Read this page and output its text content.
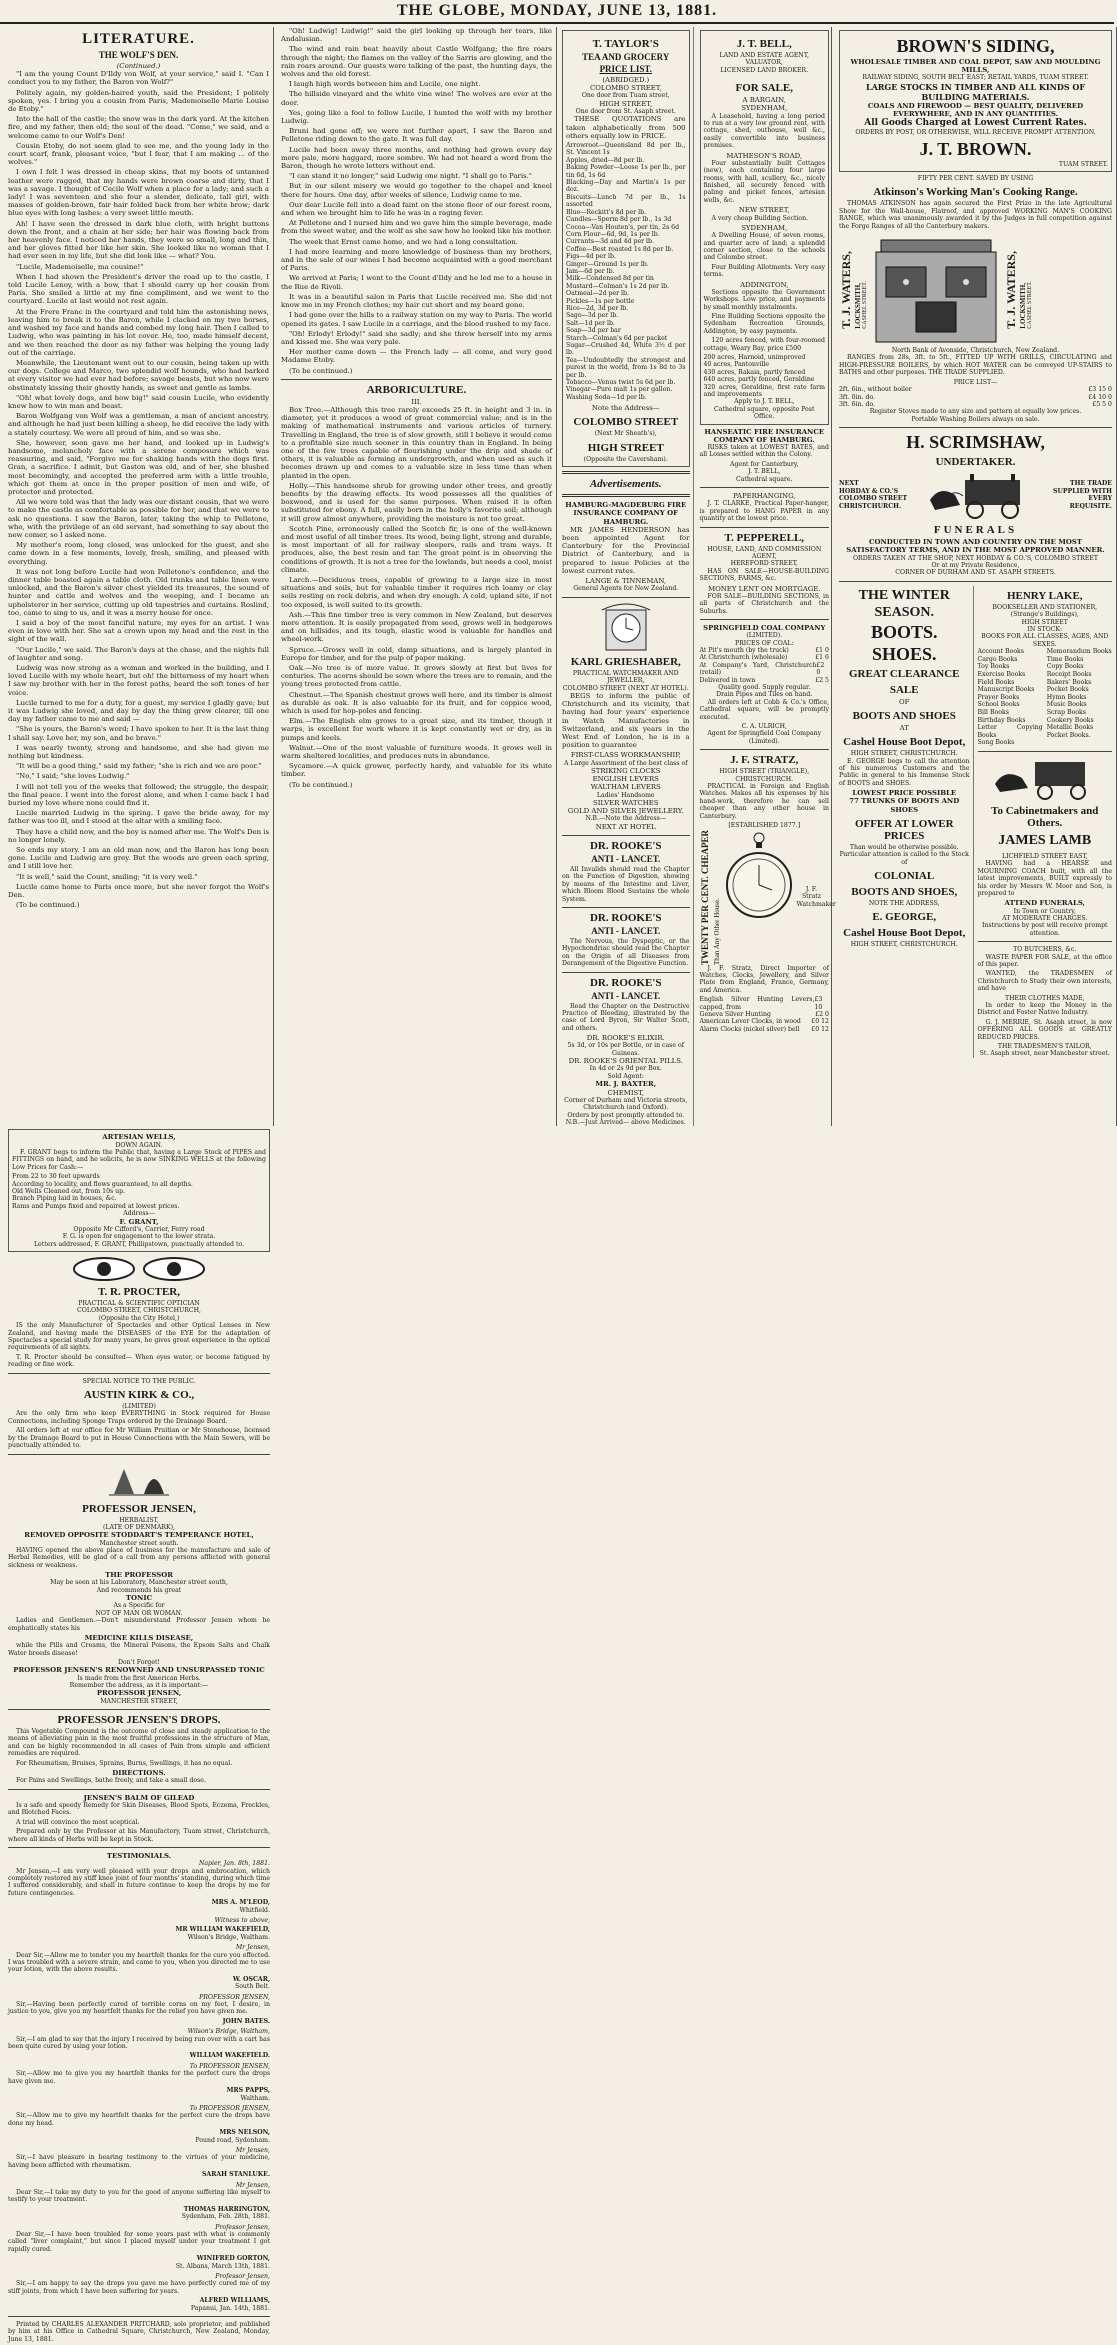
THE GLOBE, MONDAY, JUNE 13, 1881.
LITERATURE.
THE WOLF'S DEN.
(Continued.)

"I am the young Count D'Ildy von Wolf, at your service," said I. "Can I conduct you to my father, the Baron von Wolf?"

Politely again, my golden-haired youth, said the President; I politely spoken, yes. I bring you a cousin from Paris, Mademoiselle Marie Louise de Etoby."

Into the hall of the castle; the snow was in the dark yard. At the kitchen fire, and my father, then old; the soul of the dead. "Come," we said, and a welcome came to our Wolf's Den!

Cousin Etoby, do not seem glad to see me, and the young lady in the court scarf, frank, pleasant voice, "but I fear, that I am making ... of the wolves."

I own I felt I was dressed in cheap skins, that my boots of untanned leather were ragged, that my hands were brown coarse and dirty, that I was a savage. I thought of Cecile Wolf when a place for a lady; and such a lady! I was seventeen and she four a slender, delicate, tall girl, with masses of golden-brown, fair hair folded back from her white brow; dark blue eyes with long lashes: a very sweet little mouth.

Ah! I have seen the dressed in dark blue cloth, with bright buttons down the front, and a chain at her side; her hair was flowing back from her heavenly face. I noticed her hands, they were so small, long and thin, and her gloves fitted her like her skin. She looked like no woman that I had ever seen in my life, but she did look like — what? You.

"Lucile, Mademoiselle, ma cousine!"

When I had shown the President's driver the road up to the castle, I told Lucile Lenoy, with a bow, that I should carry up her cousin from Paris. She smiled a little at my fine compliment, and we went to the courtyard. Lucile at last would not rest again.

At the Frere Franc in the courtyard and told him the astonishing news, leaving him to break it to the Baron, while I clacked on my two horses, and washed my face and hands and combed my long hair. Then I called to Ludwig, who was painting in his lot cover. He, too, made himself decent, and we then reached the door as my father was helping the young lady out of the carriage.

Meanwhile, the Lieutenant went out to our cousin, being taken up with our dogs. College and Marco, two splendid wolf hounds, who had barked at every visitor we had ever had before; savage beasts, but who now were obstinately kissing their ghostly hands, as sweet and gentle as lambs.

"Oh! what lovely dogs, and how big!" said cousin Lucile, who evidently knew how to win man and beast.

Baron Wolfgang von Wolf was a gentleman, a man of ancient ancestry, and although he had just been killing a sheep, he did receive the lady with a stately courtesy. We were all proud of him, and so was she.

She, however, soon gave me her hand, and looked up in Ludwig's handsome, melancholy face with a serene composure which was reassuring, and said, "Forgive me for shaking hands with the dogs first. Gran, a sacrifice. I admit, but Gaston was old, and of her, she blushed most becomingly, and accepted the preferred arm with a little trouble, which got them at once in the proper position of men and wife, of protector and protected.

All we were told was that the lady was our distant cousin, that we were to make the castle as comfortable as possible for her, and that we were to ask no questions. I saw the Baron, later, taking the whip to Pelletone, who, with the privilege of an old servant, had something to say about the new comer, so I asked none.

My mother's room, long closed, was unlocked for the guest, and she came down in a few moments, lovely, fresh, smiling, and pleased with everything.

It was not long before Lucile had won Pelletone's confidence, and the dinner table boasted again a table cloth. Old trunks and table linen were unlocked, and the Baron's silver chest yielded its treasures, the sound of hunter and cattle and wolves and the weeping, and I became an upholsterer in her service, cutting up old tapestries and curtains. Roslind, too, came to sing to us, and it was a merry house for once.

I said a boy of the most fanciful nature, my eyes for an artist. I was even in love with her. She sat a crown upon my head and the rest in the sight of the wall.

"Our Lucile," we said. The Baron's days at the chase, and the nights full of laughter and song.

Ludwig was now strong as a woman and worked in the building, and I loved Lucile with my whole heart, but oh! the bitterness of my heart when I saw my brother with her in the forest paths, heard the soft tones of her voice.

Lucile turned to me for a duty, for a guest, my service I gladly gave; but it was Ludwig she loved, and day by day the thing grew clearer, till one day my father came to me and said —

"She is yours, the Baron's word; I have spoken to her. It is the last thing I shall say. Love her, my son, and be brave."

I was nearly twenty, strong and handsome, and she had given me nothing but kindness.

"It will be a good thing," said my father; "she is rich and we are poor."

"No," I said; "she loves Ludwig."

I will not tell you of the weeks that followed; the struggle, the despair, the final peace. I went into the forest alone, and when I came back I had buried my love where none could find it.

Lucile married Ludwig in the spring. I gave the bride away, for my father was too ill, and I stood at the altar with a smiling face.

They have a child now, and the boy is named after me. The Wolf's Den is no longer lonely.

So ends my story. I am an old man now, and the Baron has long been gone. Lucile and Ludwig are grey. But the woods are green each spring, and I still love her.

"It is well," said the Count, smiling; "it is very well."

Lucile came home to Paris once more, but she never forgot the Wolf's Den.

(To be continued.)

"Oh! Ludwig! Ludwig!" said the girl looking up through her tears, like Andalusian.

The wind and rain beat heavily about Castle Wolfgang; the fire roars through the night; the flames on the valley of the Sarris are glowing, and the rain roars around. Our guests were talking of the past, the hunting days, the wolves and the old forest.

I laugh high words between him and Lucile, one night.

The hillside vineyard and the white vine wine! The wolves are ever at the door.

Yes, going like a fool to follow Lucile, I hunted the wolf with my brother Ludwig.

Bruni had gone off; we were not further apart, I saw the Baron and Pelletone riding down to the gate. It was full day.

Lucile had been away three months, and nothing had grown every day more pale, more haggard, more sombre. We had not heard a word from the Baron, though he wrote letters without end.

"I can stand it no longer," said Ludwig one night. "I shall go to Paris."

But in our silent misery we would go together to the chapel and kneel there for hours. One day, after weeks of silence, Ludwig came to me.

Our dear Lucile fell into a dead faint on the stone floor of our forest room, and when we brought him to life he was in a raging fever.

At Pelletone and I nursed him and we gave him the simple beverage, made from the sweet water, and the wolf as she saw how he looked like his mother.

The week that Ernst came home, and we had a long consultation.

I had more learning and more knowledge of business than my brothers, and in the sale of our wines I had become acquainted with a good merchant of Paris.

We arrived at Paris; I went to the Count d'Ildy and he led me to a house in the Rue de Rivoli.

It was in a beautiful salon in Paris that Lucile received me. She did not know me in my French clothes; my hair cut short and my beard gone.

I had gone over the hills to a railway station on my way to Paris. The world opened its gates. I saw Lucile in a carriage, and the blood rushed to my face.

"Oh! Erlody! Erlody!" said she sadly; and she threw herself into my arms and kissed me. She was very pale.

Her mother came down — the French lady — all come, and very good Madame Etoby.

(To be continued.)

ARBORICULTURE.
III.

Box Tree.—Although this tree rarely exceeds 25 ft. in height and 3 in. in diameter, yet it produces a wood of great commercial value; and is in the making of mathematical instruments and various articles of turnery. Travelling in England, the tree is of slow growth, still I believe it would come to a profitable size much sooner in this country than in England. In being one of the few trees capable of flourishing under the drip and shade of others, it is valuable as forming an undergrowth, and when used as such it becomes drawn up and comes to a valuable size in less time than when planted in the open.

Holly.—This handsome shrub for growing under other trees, and greatly benefits by the drawing effects. Its wood possesses all the qualities of boxwood, and is used for the same purposes. When raised it is often substituted for ebony. A full, easily born in the holly's favorite soil; although it will grow almost anywhere, providing the moisture is not too great.

Scotch Pine, erroneously called the Scotch fir, is one of the well-known and most useful of all timber trees. Its wood, being light, strong and durable, is most important of all for railway sleepers, rails and tram ways. It produces, also, the best resin and tar. The great point is in observing the conditions of growth. It is not a tree for the lowlands, but needs a cool, moist climate.

Larch.—Deciduous trees, capable of growing to a large size in most situations and soils, but for valuable timber it requires rich loamy or clay soils resting on rock debris, and when dry enough. A cold, upland site, if not too exposed, is well suited to its growth.

Ash.—This fine timber tree is very common in New Zealand, but deserves more attention. It is easily propagated from seed, grows well in hedgerows and on hillsides, and its tough, elastic wood is valuable for handles and wheel-work.

Spruce.—Grows well in cold, damp situations, and is largely planted in Europe for timber, and for the pulp of paper making.

Oak.—No tree is of more value. It grows slowly at first but lives for centuries. The acorns should be sown where the trees are to remain, and the young trees protected from cattle.

Chestnut.—The Spanish chestnut grows well here, and its timber is almost as durable as oak. It is also valuable for its fruit, and for coppice wood, which is used for hop-poles and fencing.

Elm.—The English elm grows to a great size, and its timber, though it warps, is excellent for work where it is kept constantly wet or dry, as in pumps and keels.

Walnut.—One of the most valuable of furniture woods. It grows well in warm sheltered localities, and produces nuts in abundance.

Sycamore.—A quick grower, perfectly hardy, and valuable for its white timber.

(To be continued.)

T. TAYLOR'S
TEA AND GROCERY
PRICE LIST.
(ABRIDGED.)
COLOMBO STREET,
One door from Tuam street,
HIGH STREET,
One door from St. Asaph street.

THESE QUOTATIONS are taken alphabetically from 500 others equally low in PRICE.

Arrowroot—Queensland 8d per lb., St. Vincent 1s
Apples, dried—8d per lb.
Baking Powder—Loose 1s per lb., per tin 6d, 1s 6d
Blacking—Day and Martin's 1s per doz.
Biscuits—Lunch 7d per lb., 1s assorted
Blue—Reckitt's 8d per lb.
Candles—Sperm 8d per lb., 1s 3d
Cocoa—Van Houten's, per tin, 2s 6d
Corn Flour—6d, 9d, 1s per lb.
Currants—3d and 4d per lb.
Coffee—Best roasted 1s 8d per lb.
Figs—4d per lb.
Ginger—Ground 1s per lb.
Jam—6d per lb.
Milk—Condensed 8d per tin
Mustard—Colman's 1s 2d per lb.
Oatmeal—2d per lb.
Pickles—1s per bottle
Rice—2d, 3d per lb.
Sago—3d per lb.
Salt—1d per lb.
Soap—3d per bar
Starch—Colman's 6d per packet
Sugar—Crushed 4d, White 3½ d per lb.
Tea—Undoubtedly the strongest and purest in the world, from 1s 8d to 3s per lb.
Tobacco—Venus twist 5s 6d per lb.
Vinegar—Pure malt 1s per gallon.
Washing Soda—1d per lb.
Note the Address—
COLOMBO STREET
(Next Mr Sheath's),
HIGH STREET
(Opposite the Caversham).
Advertisements.
HAMBURG-MAGDEBURG FIRE INSURANCE COMPANY OF HAMBURG.

MR JAMES HENDERSON has been appointed Agent for Canterbury for the Provincial District of Canterbury, and is prepared to issue Policies at the lowest current rates.

LANGE & TINNEMAN,
General Agents for New Zealand.
KARL GRIESHABER,
PRACTICAL WATCHMAKER AND JEWELLER,
COLOMBO STREET (NEXT AT HOTEL).

BEGS to inform the public of Christchurch and its vicinity, that having had four years' experience in Watch Manufactories in Switzerland, and six years in the West End of London, he is in a position to guarantee

FIRST-CLASS WORKMANSHIP,
A Large Assortment of the best class of
STRIKING CLOCKS
ENGLISH LEVERS
WALTHAM LEVERS
Ladies' Handsome
SILVER WATCHES
GOLD AND SILVER JEWELLERY.
N.B.—Note the Address—
NEXT AT HOTEL
DR. ROOKE'S
ANTI - LANCET.

All Invalids should read the Chapter on the Function of Digestion, showing by means of the Intestine and Liver, which Bloom Blood Sustains the whole System.

DR. ROOKE'S
ANTI - LANCET.

The Nervous, the Dyspeptic, or the Hypochondriac should read the Chapter on the Origin of all Diseases from Derangement of the Digestive Function.

DR. ROOKE'S
ANTI - LANCET.

Read the Chapter on the Destructive Practice of Bleeding, illustrated by the case of Lord Byron, Sir Walter Scott, and others.

DR. ROOKE'S ELIXIR.
5s 3d, or 10s per Bottle, or in case of Guineas.
DR. ROOKE'S ORIENTAL PILLS.
In 4d or 2s 9d per Box.
Sold Agent:
MR. J. BAXTER,
CHEMIST,
Corner of Durham and Victoria streets, Christchurch (and Oxford).
Orders by post promptly attended to.
N.B.—Just Arrived— above Medicines.
J. T. BELL,
LAND AND ESTATE AGENT,
VALUATOR,
LICENSED LAND BROKER.
FOR SALE,
A BARGAIN,
SYDENHAM,

A Leasehold, having a long period to run at a very low ground rent, with cottage, shed, outhouse, well &c., easily convertible into business premises.

MATHESON'S ROAD,

Four substantially built Cottages (new), each containing four large rooms, with hall, scullery, &c., nicely finished, all securely fenced with paling and picket fences, artesian wells, &c.

NEW STREET,

A very cheap Building Section.

SYDENHAM,

A Dwelling House, of seven rooms, and quarter acre of land; a splendid corner section, close to the schools and Colombo street.

Four Building Allotments. Very easy terms.

ADDINGTON,

Sections opposite the Government Workshops. Low price, and payments by small monthly instalments.

Fine Building Sections opposite the Sydenham Recreation Grounds, Addington, by easy payments.

120 acres fenced, with four-roomed cottage, Weary Bay, price £500

200 acres, Harnoid, unimproved
40 acres, Pantonville
430 acres, Rakaia, partly fenced
640 acres, partly fenced, Geraldine
320 acres, Geraldine, first rate farm and improvements
Apply to J. T. BELL,
Cathedral square, opposite Post Office.
HANSEATIC FIRE INSURANCE COMPANY OF HAMBURG.

RISKS taken at LOWEST RATES, and all Losses settled within the Colony.

Agent for Canterbury,
J. T. BELL,
Cathedral square.
PAPERHANGING,

J. T. CLARKE, Practical Paper-hanger, is prepared to HANG PAPER in any quantity at the lowest price.

T. PEPPERELL,
HOUSE, LAND, AND COMMISSION AGENT,
HEREFORD STREET,

HAS ON SALE—HOUSE-BUILDING SECTIONS, FARMS, &c.

MONEY LENT ON MORTGAGE.

FOR SALE—BUILDING SECTIONS, in all parts of Christchurch and the Suburbs.

SPRINGFIELD COAL COMPANY
(LIMITED).
PRICES OF COAL:
At Pit's mouth (by the truck)	£1 0
At Christchurch (wholesale)	£1 6
At Company's Yard, Christchurch (retail)
£2 0
Delivered in town	£2 5
Quality good. Supply regular.
Drain Pipes and Tiles on hand.

All orders left at Cobb & Co.'s Office, Cathedral square, will be promptly executed.

C. A. ULRICH,
Agent for Springfield Coal Company (Limited).
J. F. STRATZ,
HIGH STREET (TRIANGLE), CHRISTCHURCH.

PRACTICAL in Foreign and English Watches. Makes all his expenses by his hand-work, therefore he can sell cheaper than any other house in Canterbury.

[ESTABLISHED 1877.]
TWENTY PER CENT. CHEAPER Than Any Other House.
J. F. Stratz Watchmaker

J. F. Stratz, Direct Importer of Watches, Clocks, Jewellery, and Silver Plate from England, France, Germany, and America.

English Silver Hunting Levers, capped, from
£3 10
Geneva Silver Hunting	£2 0
American Lever Clocks, in wood £0 12
Alarm Clocks (nickel silver) bell £0 12
BROWN'S SIDING,
WHOLESALE TIMBER AND COAL DEPOT, SAW AND MOULDING MILLS,
RAILWAY SIDING, SOUTH BELT EAST; RETAIL YARDS, TUAM STREET.
LARGE STOCKS IN TIMBER AND ALL KINDS OF BUILDING MATERIALS.
COALS AND FIREWOOD — BEST QUALITY, DELIVERED EVERYWHERE, AND IN ANY QUANTITIES.
All Goods Charged at Lowest Current Rates.
ORDERS BY POST, OR OTHERWISE, WILL RECEIVE PROMPT ATTENTION.
J. T. BROWN.
TUAM STREET.
FIFTY PER CENT. SAVED BY USING
Atkinson's Working Man's Cooking Range.

THOMAS ATKINSON has again secured the First Prize in the late Agricultural Show for the Wall-house, Flatroof, and approved WORKING MAN'S COOKING RANGE, which was unanimously awarded it by the Judges in full competition against the Forge Ranges of all the Canterbury makers.

T. J. WATERS, LOCKSMITH, CASHEL STREET.	T. J. WATERS, LOCKSMITH, CASHEL STREET.
North Bank of Avonside, Christchurch, New Zealand.

RANGES from 28s, 3ft. to 5ft., FITTED UP WITH GRILLS, CIRCULATING and HIGH-PRESSURE BOILERS, by which HOT WATER can be conveyed UP-STAIRS to BATHS and other purposes. THE TRADE SUPPLIED.

PRICE LIST—
2ft. 6in., without boiler	£3 15 0
3ft. 0in. do.	£4 10 0
3ft. 6in. do.	£5 5 0
Register Stoves made to any size and pattern at equally low prices.
Portable Washing Boilers always on sale.
H. SCRIMSHAW,
UNDERTAKER.
NEXT
HOBDAY & CO.'S
COLOMBO STREET
CHRISTCHURCH.
THE TRADE
SUPPLIED WITH
EVERY
REQUISITE.
FUNERALS
CONDUCTED IN TOWN AND COUNTRY ON THE MOST SATISFACTORY TERMS, AND IN THE MOST APPROVED MANNER.
ORDERS TAKEN AT THE SHOP, NEXT HOBDAY & CO.'S, COLOMBO STREET
Or at my Private Residence,
CORNER OF DURHAM AND ST. ASAPH STREETS.
THE WINTER
SEASON.
BOOTS.
SHOES.
GREAT CLEARANCE
SALE
OF
BOOTS AND SHOES
AT
Cashel House Boot Depot,
HIGH STREET, CHRISTCHURCH.

E. GEORGE begs to call the attention of his numerous Customers and the Public in general to his Immense Stock of BOOTS and SHOES.

LOWEST PRICE POSSIBLE
77 TRUNKS OF BOOTS AND SHOES
OFFER AT LOWER PRICES
Than would be otherwise possible.
Particular attention is called to the Stock of
COLONIAL
BOOTS AND SHOES,
NOTE THE ADDRESS,
E. GEORGE,
Cashel House Boot Depot,
HIGH STREET, CHRISTCHURCH.
HENRY LAKE,
BOOKSELLER AND STATIONER,
(Strange's Buildings),
HIGH STREET
IN STOCK:
BOOKS FOR ALL CLASSES, AGES, AND SEXES.
Account Books
Cargo Books
Toy Books
Exercise Books
Field Books
Manuscript Books
Prayer Books
School Books
Bill Books
Birthday Books
Letter Copying Books
Song Books
Memorandum Books
Time Books
Copy Books
Receipt Books
Bakers' Books
Pocket Books
Hymn Books
Music Books
Scrap Books
Cookery Books
Metallic Books
Pocket Books.
To Cabinetmakers and Others.
JAMES LAMB
LICHFIELD STREET EAST,

HAVING had a HEARSE and MOURNING COACH built, with all the latest improvements, BUILT expressly to his order by Messrs W. Moor and Son, is prepared to

ATTEND FUNERALS,
In Town or Country,
AT MODERATE CHARGES.
Instructions by post will receive prompt attention.
TO BUTCHERS, &c.

WASTE PAPER FOR SALE, at the office of this paper.

WANTED, the TRADESMEN of Christchurch to Study their own interests, and have

THEIR CLOTHES MADE,

In order to keep the Money in the District and Foster Native Industry.

G. J. MERRIE, St. Asaph street, is now OFFERING ALL GOODS at GREATLY REDUCED PRICES.

THE TRADESMEN'S TAILOR,
St. Asaph street, near Manchester street.
ARTESIAN WELLS,
DOWN AGAIN.

F. GRANT begs to inform the Public that, having a Large Stock of PIPES and FITTINGS on hand, and he solicits, he is now SINKING WELLS at the following Low Prices for Cash:—

From 22 to 30 feet upwards
According to locality, and flows guaranteed, to all depths.
Old Wells Cleaned out, from 10s up.
Branch Piping laid in houses, &c.
Rams and Pumps fixed and repaired at lowest prices.
Address—
F. GRANT,
Opposite Mr Cifford's, Carrier, Ferry road
F. G. is open for engagement to the lower strata.
Letters addressed, F. GRANT, Phillipstown, punctually attended to.
T. R. PROCTER,
PRACTICAL & SCIENTIFIC OPTICIAN
COLOMBO STREET, CHRISTCHURCH,
(Opposite the City Hotel,)

IS the only Manufacturer of Spectacles and other Optical Lenses in New Zealand, and having made the DISEASES of the EYE for the adaptation of Spectacles a special study for many years, he gives great experience in the optical requirements of all sights.

T. R. Procter should be consulted— When eyes water, or become fatigued by reading or fine work.

SPECIAL NOTICE TO THE PUBLIC.
AUSTIN KIRK & CO.,
(LIMITED)

Are the only firm who keep EVERYTHING in Stock required for House Connections, including Sponge Traps ordered by the Drainage Board.

All orders left at our office for Mr William Pruitian or Mr Stonehouse, licensed by the Drainage Board to put in House Connections with the Main Sewers, will be punctually attended to.

PROFESSOR JENSEN,
HERBALIST,
(LATE OF DENMARK),
REMOVED OPPOSITE STODDART'S TEMPERANCE HOTEL,
Manchester street south.

HAVING opened the above place of business for the manufacture and sale of Herbal Remedies, will be glad of a call from any persons afflicted with general sickness or weakness.

THE PROFESSOR
May be seen at his Laboratory, Manchester street south,
And recommends his great
TONIC
As a Specific for
NOT OF MAN OR WOMAN.

Ladies and Gentlemen.—Don't misunderstand Professor Jensen whom he emphatically states his

MEDICINE KILLS DISEASE,

while the Pills and Creams, the Mineral Poisons, the Epsom Salts and Chalk Water breeds disease!

Don't Forget!
PROFESSOR JENSEN'S RENOWNED AND UNSURPASSED TONIC
Is made from the first American Herbs.
Remember the address, as it is important:—
PROFESSOR JENSEN,
MANCHESTER STREET,
PROFESSOR JENSEN'S DROPS.

This Vegetable Compound is the outcome of close and steady application to the means of alleviating pain in the most fruitful professions in the structure of Man, and can be highly recommended in all cases of Pain from simple and efficient remedies are required.

For Rheumatism, Bruises, Sprains, Burns, Swellings, it has no equal.

DIRECTIONS.

For Pains and Swellings, bathe freely, and take a small dose.

JENSEN'S BALM OF GILEAD

Is a safe and speedy Remedy for Skin Diseases, Blood Spots, Eczema, Freckles, and Blotched Faces.

A trial will convince the most sceptical.

Prepared only by the Professor at his Manufactory, Tuam street, Christchurch, where all kinds of Herbs will be kept in Stock.

TESTIMONIALS.
Napier, Jan. 8th, 1881.

Mr Jensen,—I am very well pleased with your drops and embrocation, which completely restored my stiff knee joint of four months' standing, during which time I suffered considerably, and shall in future continue to keep the drops by me for future contingencies.

MRS A. M'LEOD,
Whitfield.
Witness to above,

MR WILLIAM WAKEFIELD,
Wilson's Bridge, Waltham.
Mr Jensen,

Dear Sir,—Allow me to tender you my heartfelt thanks for the cure you effected. I was troubled with a severe strain, and came to you, when you directed me to use your lotion, with the above results.

W. OSCAR,
South Belt.
PROFESSOR JENSEN,

Sir,—Having been perfectly cured of terrible corns on my feet, I desire, in justice to you, give you my heartfelt thanks for the relief you have given me.

JOHN BATES.
Wilson's Bridge, Waltham,

Sir,—I am glad to say that the injury I received by being run over with a cart has been quite cured by using your lotion.

WILLIAM WAKEFIELD.
To PROFESSOR JENSEN,

Sir,—Allow me to give you my heartfelt thanks for the perfect cure the drops have given me.

MRS PAPPS,
Waltham.
To PROFESSOR JENSEN,

Sir,—Allow me to give my heartfelt thanks for the perfect cure the drops have done my head.

MRS NELSON,
Pound road, Sydenham.
Mr Jensen,

Sir,—I have pleasure in bearing testimony to the virtues of your medicine, having been afflicted with rheumatism.

SARAH STANLUKE.
Mr Jensen,

Dear Sir,—I take my duty to you for the good of anyone suffering like myself to testify to your treatment.

THOMAS HARRINGTON,
Sydenham, Feb. 28th, 1881.
Professor Jensen,

Dear Sir,—I have been troubled for some years past with what is commonly called "liver complaint," but since I placed myself under your treatment I got rapidly cured.

WINIFRED GORTON,
St. Albans, March 13th, 1881.
Professor Jensen,

Sir,—I am happy to say the drops you gave me have perfectly cured me of my stiff joints, from which I have been suffering for years.

ALFRED WILLIAMS,
Papanui, Jan. 14th, 1881.

Printed by CHARLES ALEXANDER PRITCHARD, sole proprietor, and published by him at his Office in Cathedral Square, Christchurch, New Zealand, Monday, June 13, 1881.
